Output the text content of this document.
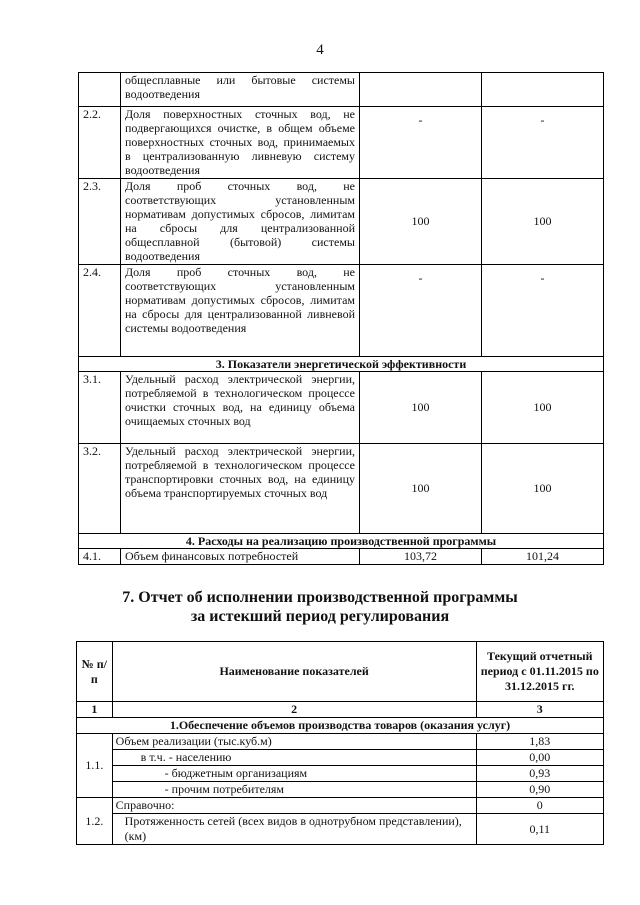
4
	общесплавные или бытовые системы водоотведения		
2.2.	Доля поверхностных сточных вод, не подвергающихся очистке, в общем объеме поверхностных сточных вод, принимаемых в централизованную ливневую систему водоотведения	-	-
2.3.	Доля проб сточных вод, не соответствующих установленным нормативам допустимых сбросов, лимитам на сбросы для централизованной общесплавной (бытовой) системы водоотведения	100	100
2.4.	Доля проб сточных вод, не соответствующих установленным нормативам допустимых сбросов, лимитам на сбросы для централизованной ливневой системы водоотведения	-	-
3. Показатели энергетической эффективности			
3.1.	Удельный расход электрической энергии, потребляемой в технологическом процессе очистки сточных вод, на единицу объема очищаемых сточных вод	100	100
3.2.	Удельный расход электрической энергии, потребляемой в технологическом процессе транспортировки сточных вод, на единицу объема транспортируемых сточных вод	100	100
4. Расходы на реализацию производственной программы			
4.1.	Объем финансовых потребностей	103,72	101,24
7. Отчет об исполнении производственной программы
за истекший период регулирования
№ п/п	Наименование показателей	Текущий отчетный период с 01.11.2015 по 31.12.2015 гг.
1	2	3
1.Обеспечение объемов производства товаров (оказания услуг)		
1.1.	Объем реализации (тыс.куб.м)	1,83
	в т.ч. - населению	0,00
	- бюджетным организациям	0,93
	- прочим потребителям	0,90
1.2.	Справочно:	0
	Протяженность сетей (всех видов в однотрубном представлении), (км)	0,11
